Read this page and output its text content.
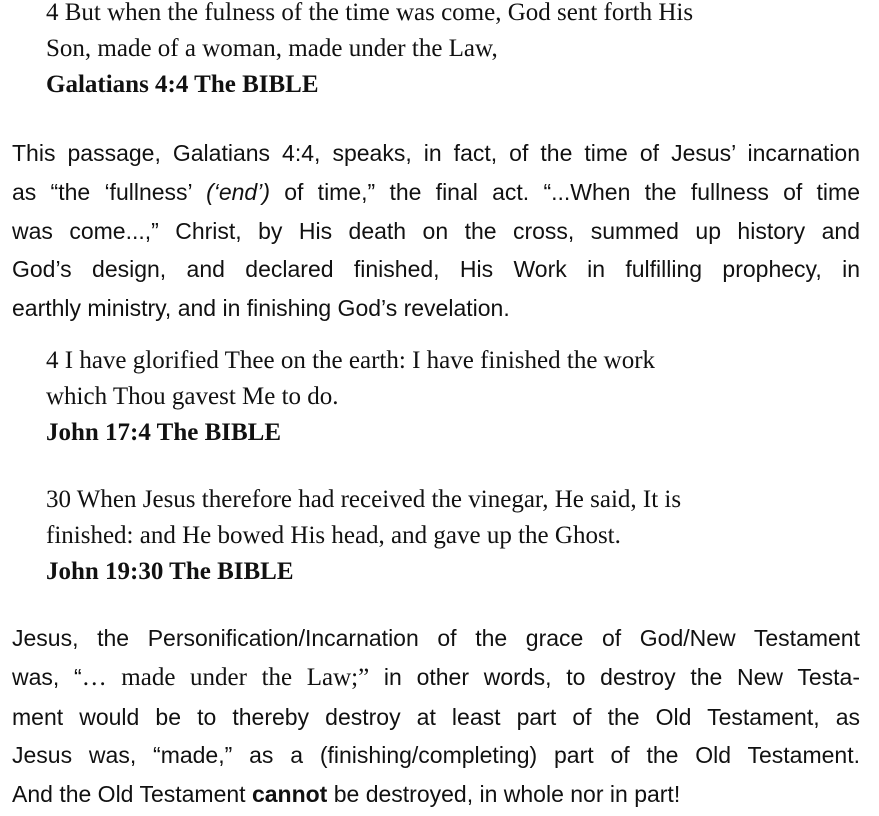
4 But when the fulness of the time was come, God sent forth His
Son, made of a woman, made under the Law,
Galatians 4:4 The BIBLE
This passage, Galatians 4:4, speaks, in fact, of the time of Jesus’ incarnation
as “the ‘fullness’ (‘end’) of time,” the final act. “...When the fullness of time
was come...,” Christ, by His death on the cross, summed up history and
God’s design, and declared finished, His Work in fulfilling prophecy, in
earthly ministry, and in finishing God’s revelation.
4 I have glorified Thee on the earth: I have finished the work
which Thou gavest Me to do.
John 17:4 The BIBLE
30 When Jesus therefore had received the vinegar, He said, It is
finished: and He bowed His head, and gave up the Ghost.
John 19:30 The BIBLE
Jesus, the Personification/Incarnation of the grace of God/New Testament
was, “… made under the Law;” in other words, to destroy the New Testa-
ment would be to thereby destroy at least part of the Old Testament, as
Jesus was, “made,” as a (finishing/completing) part of the Old Testament.
And the Old Testament cannot be destroyed, in whole nor in part!
